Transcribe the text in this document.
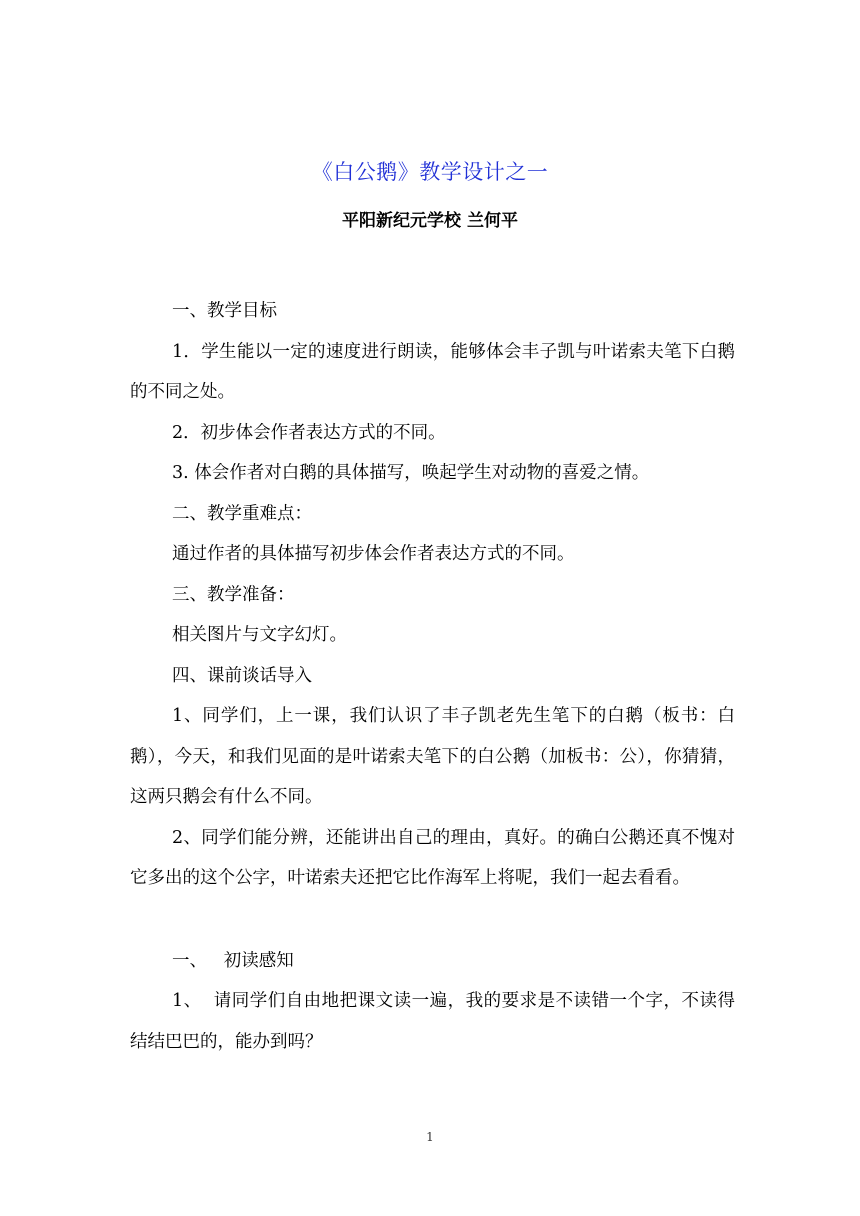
《白公鹅》教学设计之一
平阳新纪元学校 兰何平

一、教学目标

1．学生能以一定的速度进行朗读，能够体会丰子凯与叶诺索夫笔下白鹅的不同之处。

2．初步体会作者表达方式的不同。

3. 体会作者对白鹅的具体描写，唤起学生对动物的喜爱之情。

二、教学重难点：

通过作者的具体描写初步体会作者表达方式的不同。

三、教学准备：

相关图片与文字幻灯。

四、课前谈话导入

1、同学们，上一课，我们认识了丰子凯老先生笔下的白鹅（板书：白鹅），今天，和我们见面的是叶诺索夫笔下的白公鹅（加板书：公），你猜猜，这两只鹅会有什么不同。

2、同学们能分辨，还能讲出自己的理由，真好。的确白公鹅还真不愧对它多出的这个公字，叶诺索夫还把它比作海军上将呢，我们一起去看看。

一、   初读感知

1、  请同学们自由地把课文读一遍，我的要求是不读错一个字，不读得结结巴巴的，能办到吗？

1
